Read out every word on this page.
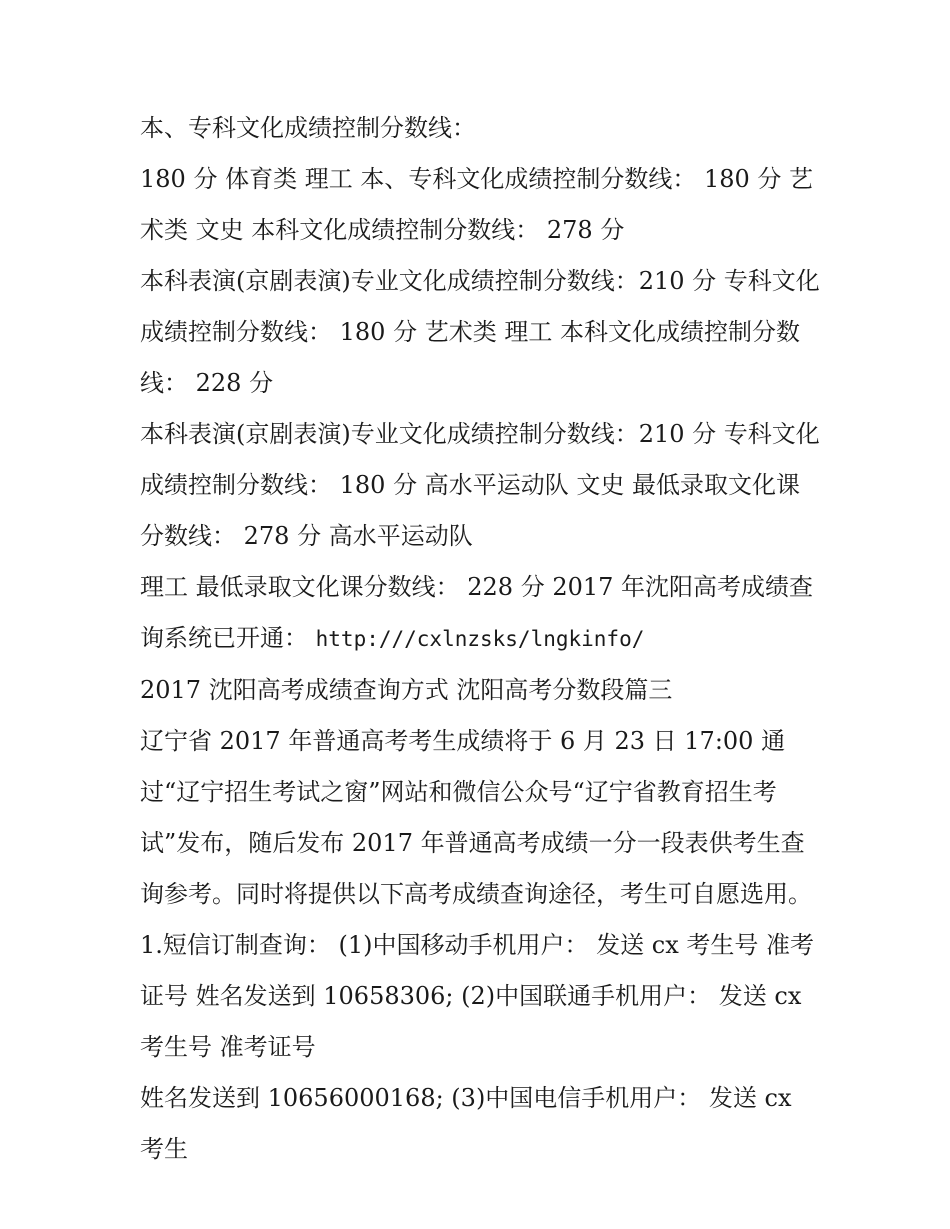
本、专科文化成绩控制分数线：

180 分 体育类 理工 本、专科文化成绩控制分数线： 180 分 艺术类 文史 本科文化成绩控制分数线： 278 分

本科表演(京剧表演)专业文化成绩控制分数线：210 分 专科文化成绩控制分数线： 180 分 艺术类 理工 本科文化成绩控制分数线： 228 分

本科表演(京剧表演)专业文化成绩控制分数线：210 分 专科文化成绩控制分数线： 180 分 高水平运动队 文史 最低录取文化课分数线： 278 分 高水平运动队

理工 最低录取文化课分数线： 228 分 2017 年沈阳高考成绩查询系统已开通： http:///cxlnzsks/lngkinfo/

2017 沈阳高考成绩查询方式 沈阳高考分数段篇三

辽宁省 2017 年普通高考考生成绩将于 6 月 23 日 17:00 通过“辽宁招生考试之窗”网站和微信公众号“辽宁省教育招生考试”发布，随后发布 2017 年普通高考成绩一分一段表供考生查询参考。同时将提供以下高考成绩查询途径，考生可自愿选用。

1.短信订制查询： (1)中国移动手机用户： 发送 cx 考生号 准考证号 姓名发送到 10658306; (2)中国联通手机用户： 发送 cx 考生号 准考证号

姓名发送到 10656000168; (3)中国电信手机用户： 发送 cx 考生
